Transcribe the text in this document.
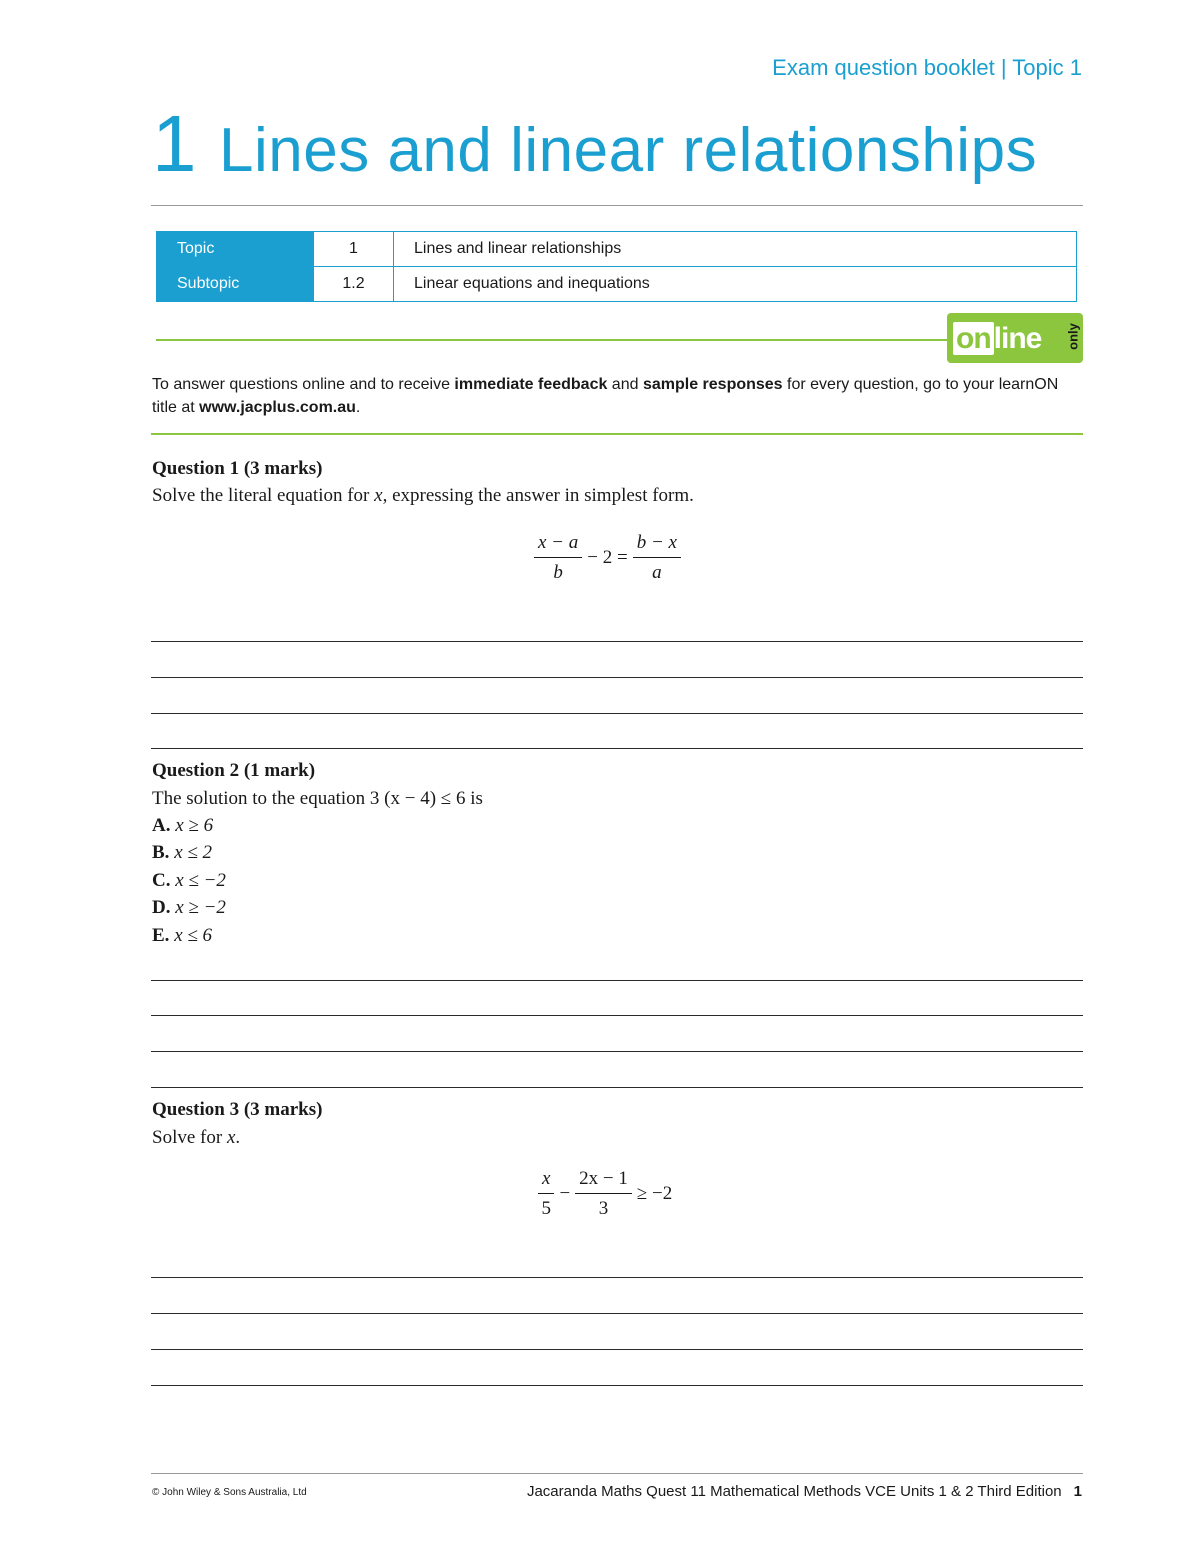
Exam question booklet | Topic 1
1 Lines and linear relationships
Topic	1	Lines and linear relationships
Subtopic	1.2	Linear equations and inequations
on line only
To answer questions online and to receive immediate feedback and sample responses for every question, go to your learnON title at www.jacplus.com.au.
Question 1 (3 marks)
Solve the literal equation for x, expressing the answer in simplest form.
$\frac{x - a}{b} - 2 = \frac{b - x}{a}$
Question 2 (1 mark)
The solution to the equation 3 (x − 4) ≤ 6 is
A. x ≥ 6
B. x ≤ 2
C. x ≤ −2
D. x ≥ −2
E. x ≤ 6
Question 3 (3 marks)
Solve for x.
$\frac{x}{5} - \frac{2x - 1}{3} \ge -2$
© John Wiley & Sons Australia, Ltd	Jacaranda Maths Quest 11 Mathematical Methods VCE Units 1 & 2 Third Edition 1
